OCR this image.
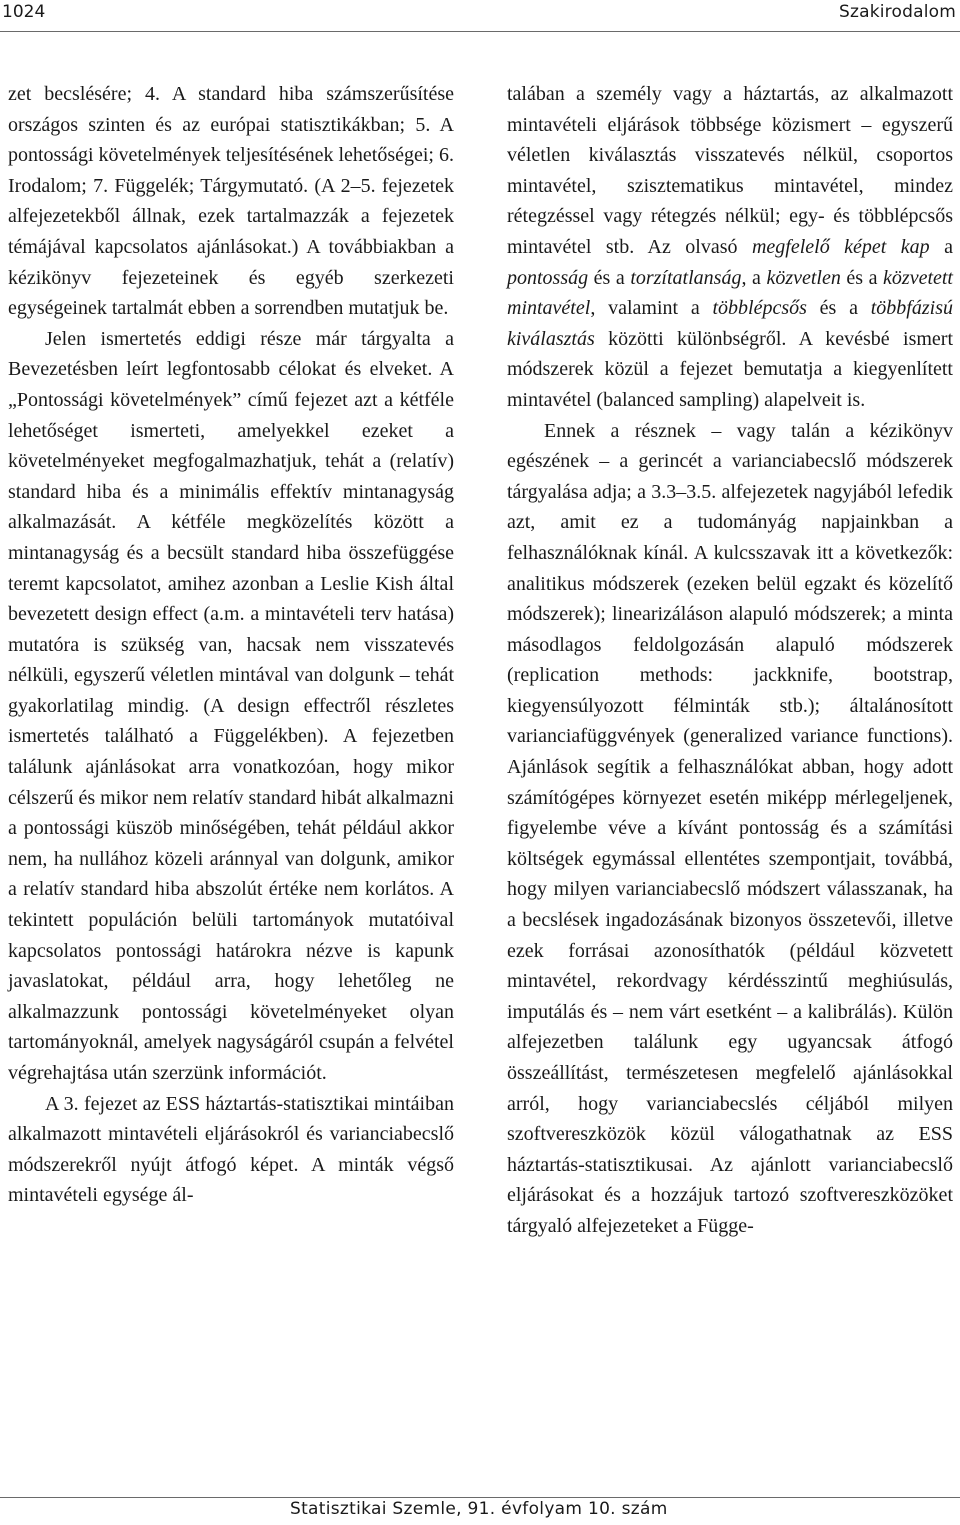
1024	Szakirodalom

zet becslésére; 4. A standard hiba számszerűsítése országos szinten és az európai statisztikákban; 5. A pontossági követelmények teljesítésének lehetőségei; 6. Irodalom; 7. Függelék; Tárgymutató. (A 2–5. fejezetek alfejezetekből állnak, ezek tartalmazzák a fejezetek témájával kapcsolatos ajánlásokat.) A továbbiakban a kézikönyv fejezeteinek és egyéb szerkezeti egységeinek tartalmát ebben a sorrendben mutatjuk be.

Jelen ismertetés eddigi része már tárgyalta a Bevezetésben leírt legfontosabb célokat és elveket. A „Pontossági követelmények” című fejezet azt a kétféle lehetőséget ismerteti, amelyekkel ezeket a követelményeket megfogalmazhatjuk, tehát a (relatív) standard hiba és a minimális effektív mintanagyság alkalmazását. A kétféle megközelítés között a mintanagyság és a becsült standard hiba összefüggése teremt kapcsolatot, amihez azonban a Leslie Kish által bevezetett design effect (a.m. a mintavételi terv hatása) mutatóra is szükség van, hacsak nem visszatevés nélküli, egyszerű véletlen mintával van dolgunk – tehát gyakorlatilag mindig. (A design effectről részletes ismertetés található a Függelékben). A fejezetben találunk ajánlásokat arra vonatkozóan, hogy mikor célszerű és mikor nem relatív standard hibát alkalmazni a pontossági küszöb minőségében, tehát például akkor nem, ha nullához közeli aránnyal van dolgunk, amikor a relatív standard hiba abszolút értéke nem korlátos. A tekintett populáción belüli tartományok mutatóival kapcsolatos pontossági határokra nézve is kapunk javaslatokat, például arra, hogy lehetőleg ne alkalmazzunk pontossági követelményeket olyan tartományoknál, amelyek nagyságáról csupán a felvétel végrehajtása után szerzünk információt.

A 3. fejezet az ESS háztartás-statisztikai mintáiban alkalmazott mintavételi eljárásokról és varianciabecslő módszerekről nyújt átfogó képet. A minták végső mintavételi egysége ál-

talában a személy vagy a háztartás, az alkalmazott mintavételi eljárások többsége közismert – egyszerű véletlen kiválasztás visszatevés nélkül, csoportos mintavétel, szisztematikus mintavétel, mindez rétegzéssel vagy rétegzés nélkül; egy- és többlépcsős mintavétel stb. Az olvasó megfelelő képet kap a pontosság és a torzítatlanság, a közvetlen és a közvetett mintavétel, valamint a többlépcsős és a többfázisú kiválasztás közötti különbségről. A kevésbé ismert módszerek közül a fejezet bemutatja a kiegyenlített mintavétel (balanced sampling) alapelveit is.

Ennek a résznek – vagy talán a kézikönyv egészének – a gerincét a varianciabecslő módszerek tárgyalása adja; a 3.3–3.5. alfejezetek nagyjából lefedik azt, amit ez a tudományág napjainkban a felhasználóknak kínál. A kulcsszavak itt a következők: analitikus módszerek (ezeken belül egzakt és közelítő módszerek); linearizáláson alapuló módszerek; a minta másodlagos feldolgozásán alapuló módszerek (replication methods: jackknife, bootstrap, kiegyensúlyozott félminták stb.); általánosított varianciafüggvények (generalized variance functions). Ajánlások segítik a felhasználókat abban, hogy adott számítógépes környezet esetén miképp mérlegeljenek, figyelembe véve a kívánt pontosság és a számítási költségek egymással ellentétes szempontjait, továbbá, hogy milyen varianciabecslő módszert válasszanak, ha a becslések ingadozásának bizonyos összetevői, illetve ezek forrásai azonosíthatók (például közvetett mintavétel, rekordvagy kérdésszintű meghiúsulás, imputálás és – nem várt esetként – a kalibrálás). Külön alfejezetben találunk egy ugyancsak átfogó összeállítást, természetesen megfelelő ajánlásokkal arról, hogy varianciabecslés céljából milyen szoftvereszközök közül válogathatnak az ESS háztartás-statisztikusai. Az ajánlott varianciabecslő eljárásokat és a hozzájuk tartozó szoftvereszközöket tárgyaló alfejezeteket a Függe-

Statisztikai Szemle, 91. évfolyam 10. szám
